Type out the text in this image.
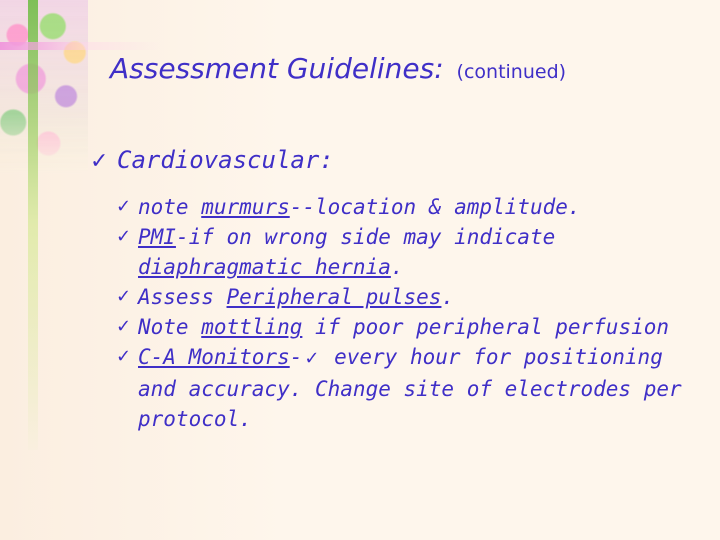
Assessment Guidelines: (continued)
✓ Cardiovascular:
✓ note murmurs--location & amplitude.
✓ PMI-if on wrong side may indicate diaphragmatic hernia.
✓ Assess Peripheral pulses.
✓ Note mottling if poor peripheral perfusion
✓ C-A Monitors- ✓ every hour for positioning and accuracy. Change site of electrodes per protocol.
